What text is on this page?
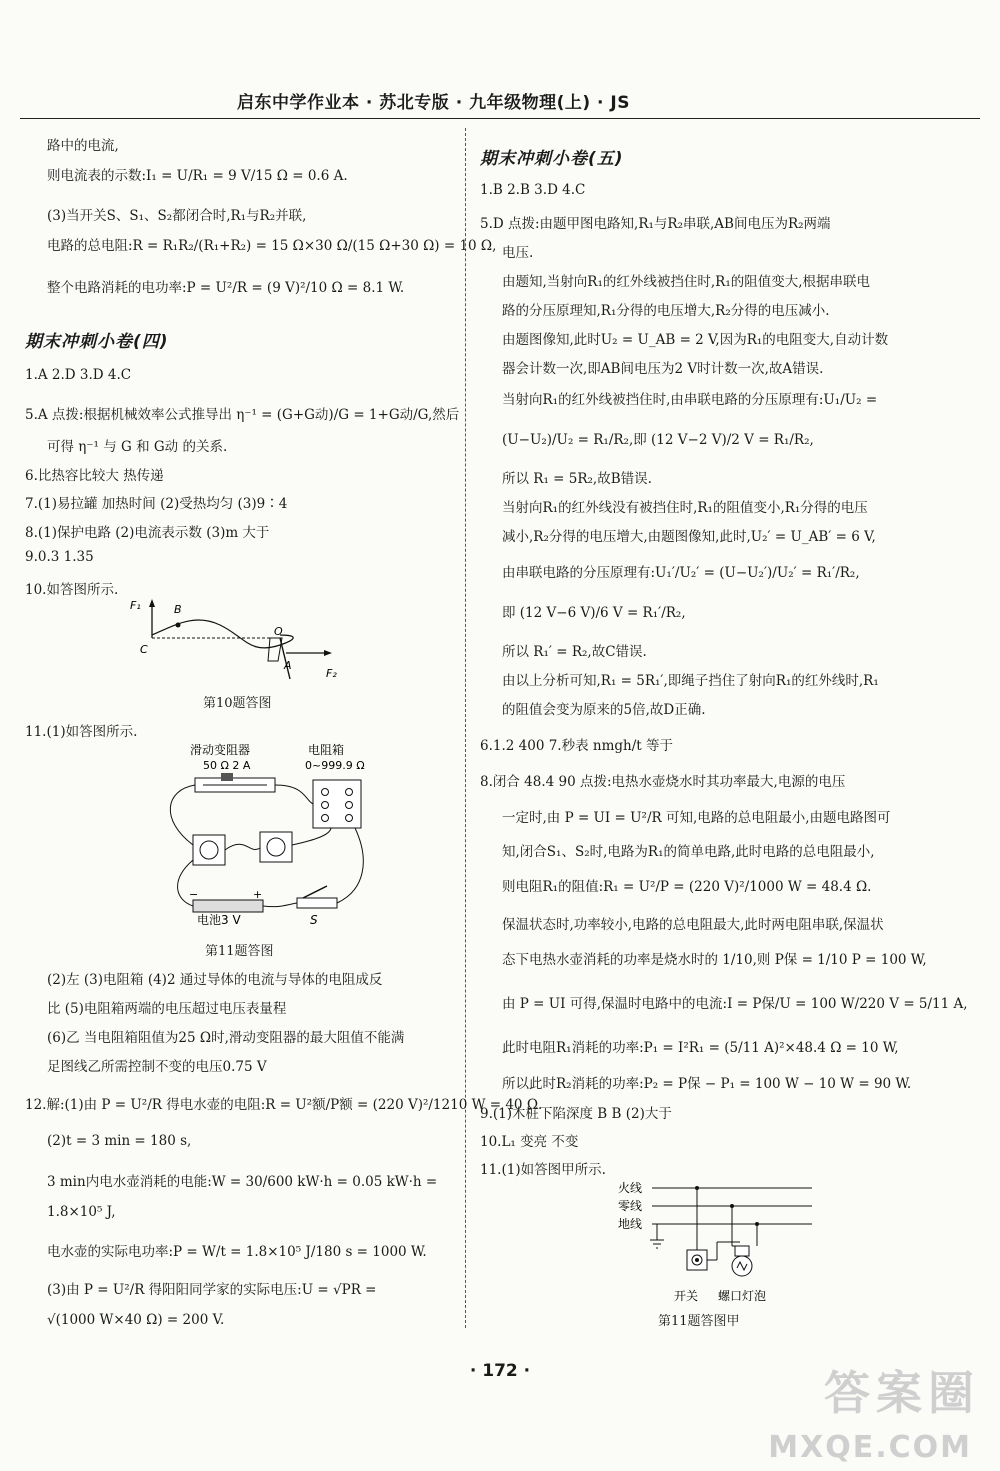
启东中学作业本 · 苏北专版 · 九年级物理(上) · JS
路中的电流,
则电流表的示数:I₁ = U/R₁ = 9 V/15 Ω = 0.6 A.
(3)当开关S、S₁、S₂都闭合时,R₁与R₂并联,
电路的总电阻:R = R₁R₂/(R₁+R₂) = 15 Ω×30 Ω/(15 Ω+30 Ω) = 10 Ω,
整个电路消耗的电功率:P = U²/R = (9 V)²/10 Ω = 8.1 W.
期末冲刺小卷(四)
1.A 2.D 3.D 4.C
5.A 点拨:根据机械效率公式推导出 η⁻¹ = (G+G动)/G = 1+G动/G,然后
可得 η⁻¹ 与 G 和 G动 的关系.
6.比热容比较大 热传递
7.(1)易拉罐 加热时间 (2)受热均匀 (3)9∶4
8.(1)保护电路 (2)电流表示数 (3)m 大于
9.0.3 1.35
10.如答图所示.
F₁	B
C
O
A
F₂
第10题答图
11.(1)如答图所示.
滑动变阻器
50 Ω 2 A
电阻箱
0~999.9 Ω
−	+
电池3 V	S
第11题答图
(2)左 (3)电阻箱 (4)2 通过导体的电流与导体的电阻成反
比 (5)电阻箱两端的电压超过电压表量程
(6)乙 当电阻箱阻值为25 Ω时,滑动变阻器的最大阻值不能满
足图线乙所需控制不变的电压0.75 V
12.解:(1)由 P = U²/R 得电水壶的电阻:R = U²额/P额 = (220 V)²/1210 W = 40 Ω.
(2)t = 3 min = 180 s,
3 min内电水壶消耗的电能:W = 30/600 kW·h = 0.05 kW·h =
1.8×10⁵ J,
电水壶的实际电功率:P = W/t = 1.8×10⁵ J/180 s = 1000 W.
(3)由 P = U²/R 得阳阳同学家的实际电压:U = √PR =
√(1000 W×40 Ω) = 200 V.
期末冲刺小卷(五)
1.B 2.B 3.D 4.C
5.D 点拨:由题甲图电路知,R₁与R₂串联,AB间电压为R₂两端
电压.
由题知,当射向R₁的红外线被挡住时,R₁的阻值变大,根据串联电
路的分压原理知,R₁分得的电压增大,R₂分得的电压减小.
由题图像知,此时U₂ = U_AB = 2 V,因为R₁的电阻变大,自动计数
器会计数一次,即AB间电压为2 V时计数一次,故A错误.
当射向R₁的红外线被挡住时,由串联电路的分压原理有:U₁/U₂ =
(U−U₂)/U₂ = R₁/R₂,即 (12 V−2 V)/2 V = R₁/R₂,
所以 R₁ = 5R₂,故B错误.
当射向R₁的红外线没有被挡住时,R₁的阻值变小,R₁分得的电压
减小,R₂分得的电压增大,由题图像知,此时,U₂′ = U_AB′ = 6 V,
由串联电路的分压原理有:U₁′/U₂′ = (U−U₂′)/U₂′ = R₁′/R₂,
即 (12 V−6 V)/6 V = R₁′/R₂,
所以 R₁′ = R₂,故C错误.
由以上分析可知,R₁ = 5R₁′,即绳子挡住了射向R₁的红外线时,R₁
的阻值会变为原来的5倍,故D正确.
6.1.2 400 7.秒表 nmgh/t 等于
8.闭合 48.4 90 点拨:电热水壶烧水时其功率最大,电源的电压
一定时,由 P = UI = U²/R 可知,电路的总电阻最小,由题电路图可
知,闭合S₁、S₂时,电路为R₁的简单电路,此时电路的总电阻最小,
则电阻R₁的阻值:R₁ = U²/P = (220 V)²/1000 W = 48.4 Ω.
保温状态时,功率较小,电路的总电阻最大,此时两电阻串联,保温状
态下电热水壶消耗的功率是烧水时的 1/10,则 P保 = 1/10 P = 100 W,
由 P = UI 可得,保温时电路中的电流:I = P保/U = 100 W/220 V = 5/11 A,
此时电阻R₁消耗的功率:P₁ = I²R₁ = (5/11 A)²×48.4 Ω = 10 W,
所以此时R₂消耗的功率:P₂ = P保 − P₁ = 100 W − 10 W = 90 W.
9.(1)木桩下陷深度 B B (2)大于
10.L₁ 变亮 不变
11.(1)如答图甲所示.
火线
零线
地线
开关 螺口灯泡
第11题答图甲
· 172 ·	答案圈
MXQE.COM
